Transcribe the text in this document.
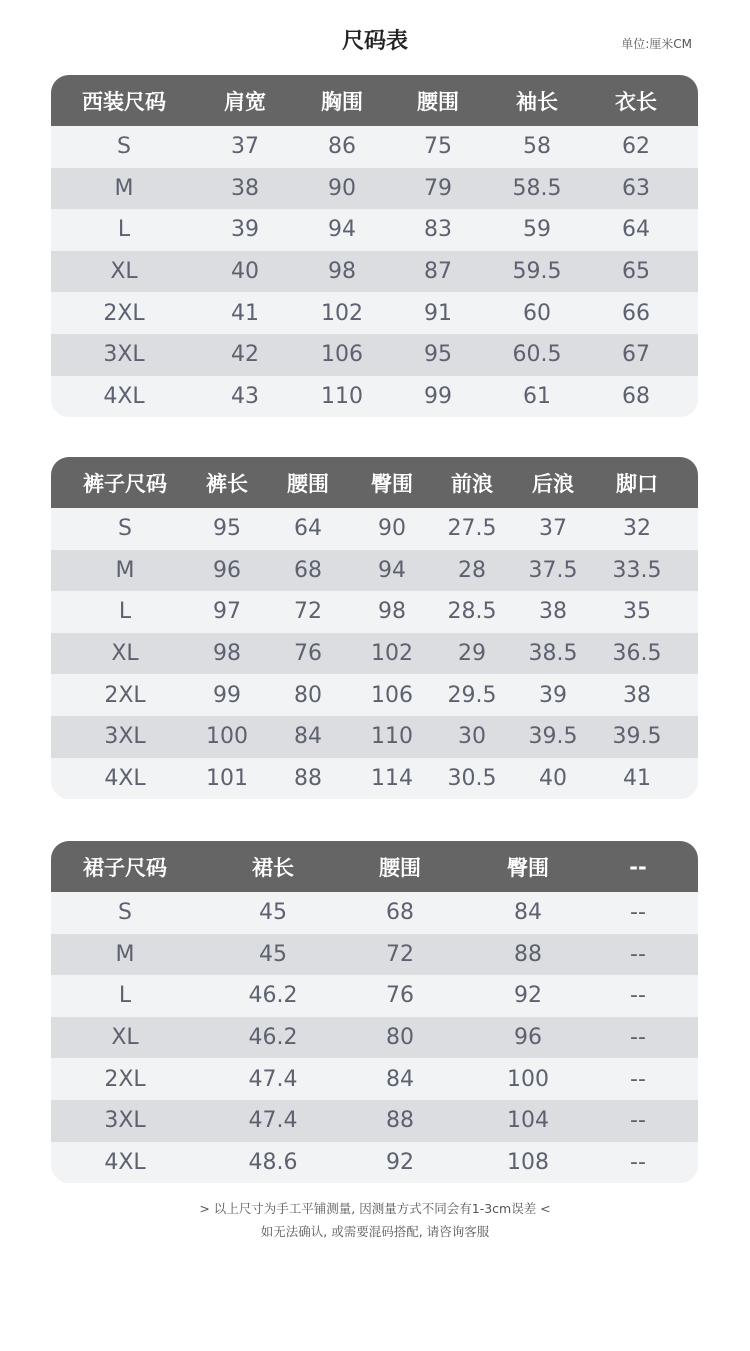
尺码表	单位:厘米CM
西装尺码	肩宽	胸围	腰围	袖长	衣长
S	37	86	75	58	62
M	38	90	79	58.5	63
L	39	94	83	59	64
XL	40	98	87	59.5	65
2XL	41	102	91	60	66
3XL	42	106	95	60.5	67
4XL	43	110	99	61	68
裤子尺码	裤长	腰围	臀围	前浪	后浪	脚口
S	95	64	90	27.5	37	32
M	96	68	94	28	37.5	33.5
L	97	72	98	28.5	38	35
XL	98	76	102	29	38.5	36.5
2XL	99	80	106	29.5	39	38
3XL	100	84	110	30	39.5	39.5
4XL	101	88	114	30.5	40	41
裙子尺码	裙长	腰围	臀围	--
S	45	68	84	--
M	45	72	88	--
L	46.2	76	92	--
XL	46.2	80	96	--
2XL	47.4	84	100	--
3XL	47.4	88	104	--
4XL	48.6	92	108	--
> 以上尺寸为手工平铺测量, 因测量方式不同会有1-3cm误差 <
如无法确认, 或需要混码搭配, 请咨询客服
